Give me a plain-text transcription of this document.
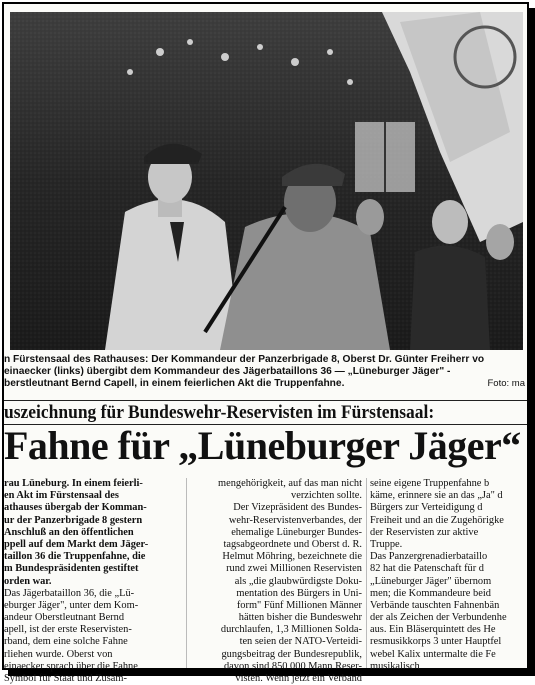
n Fürstensaal des Rathauses: Der Kommandeur der Panzerbrigade 8, Oberst Dr. Günter Freiherr vo
einaecker (links) übergibt dem Kommandeur des Jägerbataillons 36 — „Lüneburger Jäger" -
berstleutnant Bernd Capell, in einem feierlichen Akt die Truppenfahne.	Foto: ma
uszeichnung für Bundeswehr-Reservisten im Fürstensaal:
Fahne für „Lüneburger Jäger“
rau Lüneburg. In einem feierli-
en Akt im Fürstensaal des
athauses übergab der Komman-
ur der Panzerbrigade 8 gestern
Anschluß an den öffentlichen
ppell auf dem Markt dem Jäger-
taillon 36 die Truppenfahne, die
m Bundespräsidenten gestiftet
orden war.
Das Jägerbataillon 36, die „Lü-
eburger Jäger", unter dem Kom-
andeur Oberstleutnant Bernd
apell, ist der erste Reservisten-
rband, dem eine solche Fahne
rliehen wurde. Oberst von
einaecker sprach über die Fahne
Symbol für Staat und Zusam-
mengehörigkeit, auf das man nicht
verzichten sollte.
Der Vizepräsident des Bundes-
wehr-Reservistenverbandes, der
ehemalige Lüneburger Bundes-
tagsabgeordnete und Oberst d. R.
Helmut Möhring, bezeichnete die
rund zwei Millionen Reservisten
als „die glaubwürdigste Doku-
mentation des Bürgers in Uni-
form" Fünf Millionen Männer
hätten bisher die Bundeswehr
durchlaufen, 1,3 Millionen Solda-
ten seien der NATO-Verteidi-
gungsbeitrag der Bundesrepublik,
davon sind 850 000 Mann Reser-
visten. Wenn jetzt ein Verband
seine eigene Truppenfahne b
käme, erinnere sie an das „Ja" d
Bürgers zur Verteidigung d
Freiheit und an die Zugehörigke
der Reservisten zur aktive
Truppe.
Das Panzergrenadierbataillo
82 hat die Patenschaft für d
„Lüneburger Jäger" übernom
men; die Kommandeure beid
Verbände tauschten Fahnenbän
der als Zeichen der Verbundenhe
aus. Ein Bläserquintett des He
resmusikkorps 3 unter Hauptfel
webel Kalix untermalte die Fe
musikalisch
